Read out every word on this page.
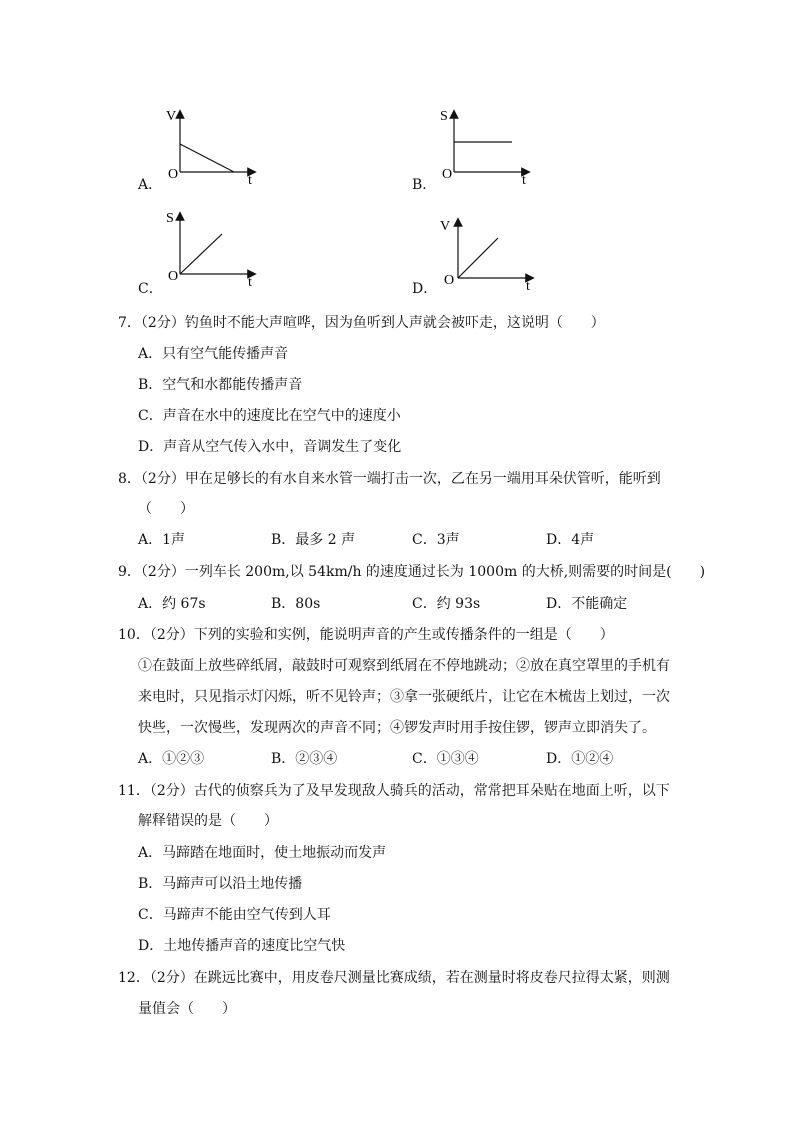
V
O	t
A．
S
O	t
B．
S
O	t
C．
V
O	t
D．
7．（2分）钓鱼时不能大声喧哗，因为鱼听到人声就会被吓走，这说明（　　）
A．只有空气能传播声音
B．空气和水都能传播声音
C．声音在水中的速度比在空气中的速度小
D．声音从空气传入水中，音调发生了变化
8．（2分）甲在足够长的有水自来水管一端打击一次，乙在另一端用耳朵伏管听，能听到
（　　）
A．1声	B．最多 2 声	C．3声	D．4声
9．（2分）一列车长 200m,以 54km/h 的速度通过长为 1000m 的大桥,则需要的时间是(　　)
A．约 67s	B．80s	C．约 93s	D．不能确定
10．（2分）下列的实验和实例，能说明声音的产生或传播条件的一组是（　　）
①在鼓面上放些碎纸屑，敲鼓时可观察到纸屑在不停地跳动；②放在真空罩里的手机有
来电时，只见指示灯闪烁，听不见铃声；③拿一张硬纸片，让它在木梳齿上划过，一次
快些，一次慢些，发现两次的声音不同；④锣发声时用手按住锣，锣声立即消失了。
A．①②③	B．②③④	C．①③④	D．①②④
11．（2分）古代的侦察兵为了及早发现敌人骑兵的活动，常常把耳朵贴在地面上听，以下
解释错误的是（　　）
A．马蹄踏在地面时，使土地振动而发声
B．马蹄声可以沿土地传播
C．马蹄声不能由空气传到人耳
D．土地传播声音的速度比空气快
12．（2分）在跳远比赛中，用皮卷尺测量比赛成绩，若在测量时将皮卷尺拉得太紧，则测
量值会（　　）
